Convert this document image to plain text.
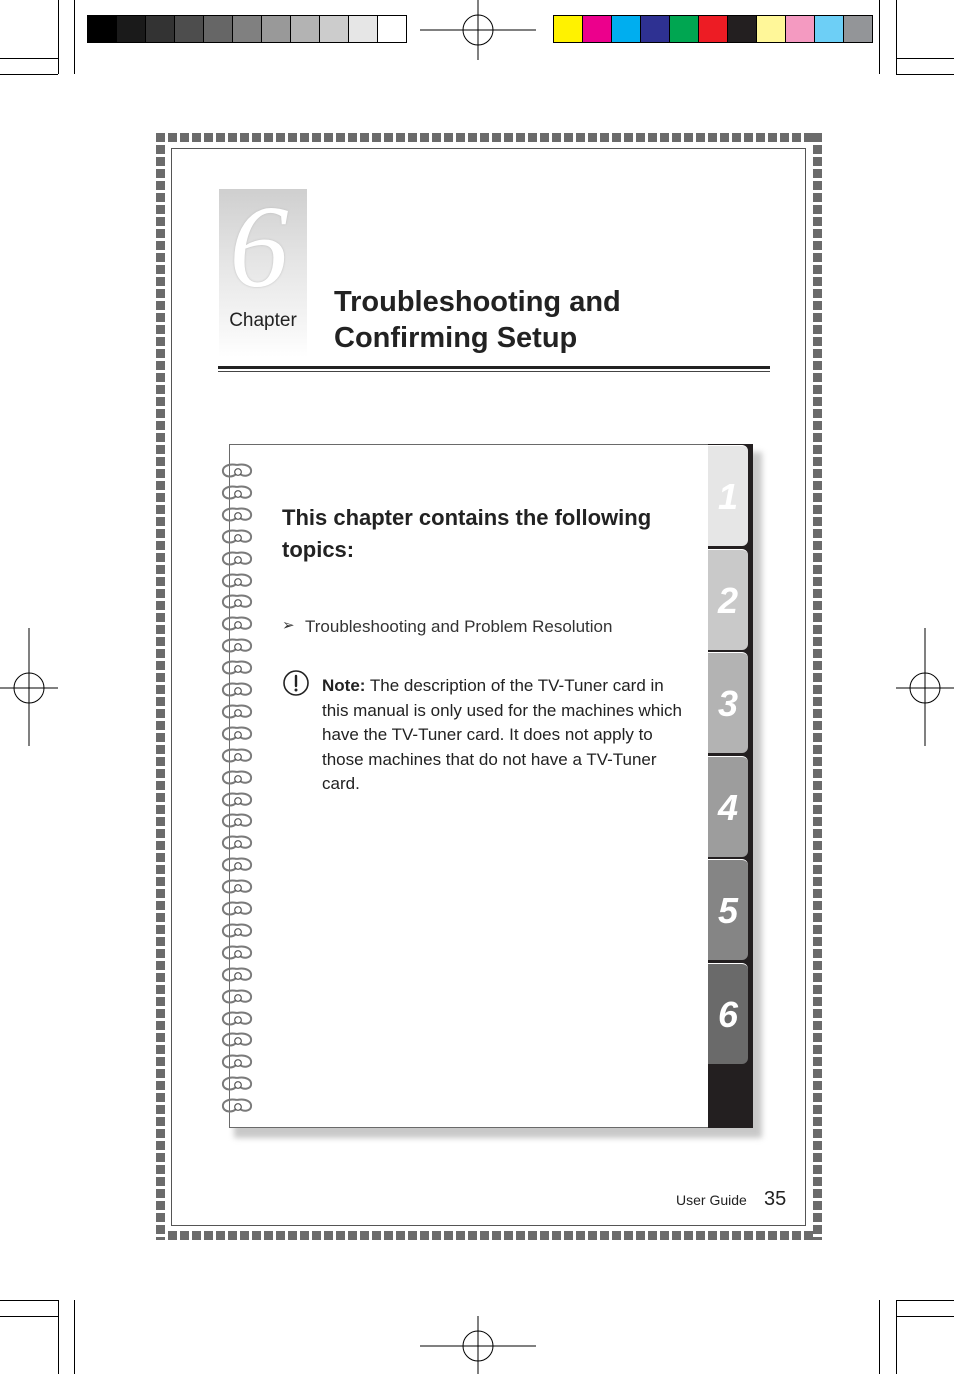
6
Chapter
Troubleshooting and Confirming Setup
1
2
3
4
5
6
This chapter contains the following topics:
➢ Troubleshooting and Problem Resolution
Note: The description of the TV-Tuner card in this manual is only used for the machines which have the TV-Tuner card. It does not apply to those machines that do not have a TV-Tuner card.
User Guide 35
